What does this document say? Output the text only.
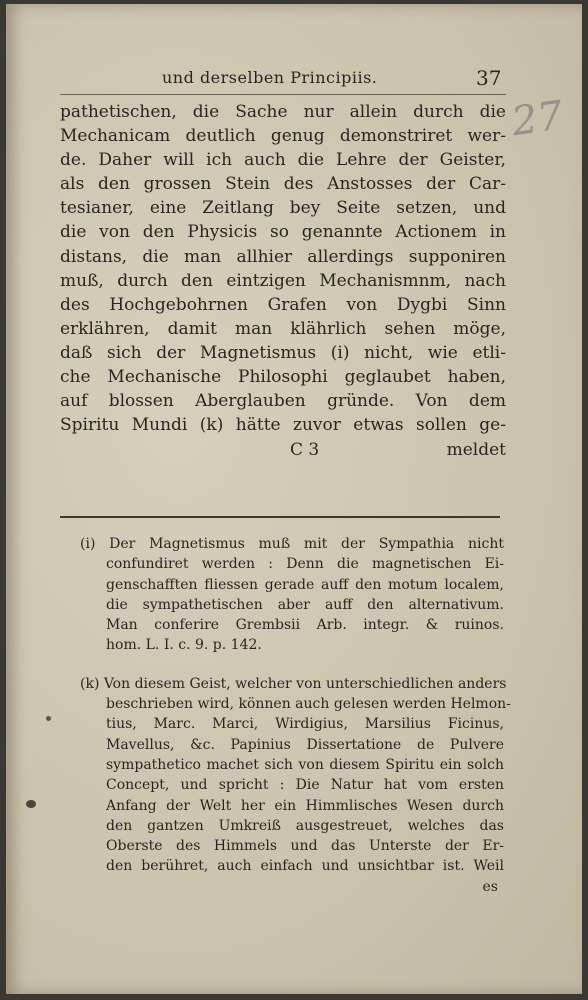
und derselben Principiis.	37
27
pathetischen, die Sache nur allein durch die
Mechanicam deutlich genug demonstriret wer-
de. Daher will ich auch die Lehre der Geister,
als den grossen Stein des Anstosses der Car-
tesianer, eine Zeitlang bey Seite setzen, und
die von den Physicis so genannte Actionem in
distans, die man allhier allerdings supponiren
muß, durch den eintzigen Mechanismnm, nach
des Hochgebohrnen Grafen von Dygbi Sinn
erklähren, damit man klährlich sehen möge,
daß sich der Magnetismus (i) nicht, wie etli-
che Mechanische Philosophi geglaubet haben,
auf blossen Aberglauben gründe. Von dem
Spiritu Mundi (k) hätte zuvor etwas sollen ge-
C 3	meldet
(i) Der Magnetismus muß mit der Sympathia nicht
confundiret werden : Denn die magnetischen Ei-
genschafften fliessen gerade auff den motum localem,
die sympathetischen aber auff den alternativum.
Man conferire Grembsii Arb. integr. & ruinos.
hom. L. I. c. 9. p. 142.
(k) Von diesem Geist, welcher von unterschiedlichen anders
beschrieben wird, können auch gelesen werden Helmon-
tius, Marc. Marci, Wirdigius, Marsilius Ficinus,
Mavellus, &c. Papinius Dissertatione de Pulvere
sympathetico machet sich von diesem Spiritu ein solch
Concept, und spricht : Die Natur hat vom ersten
Anfang der Welt her ein Himmlisches Wesen durch
den gantzen Umkreiß ausgestreuet, welches das
Oberste des Himmels und das Unterste der Er-
den berühret, auch einfach und unsichtbar ist. Weil
es
